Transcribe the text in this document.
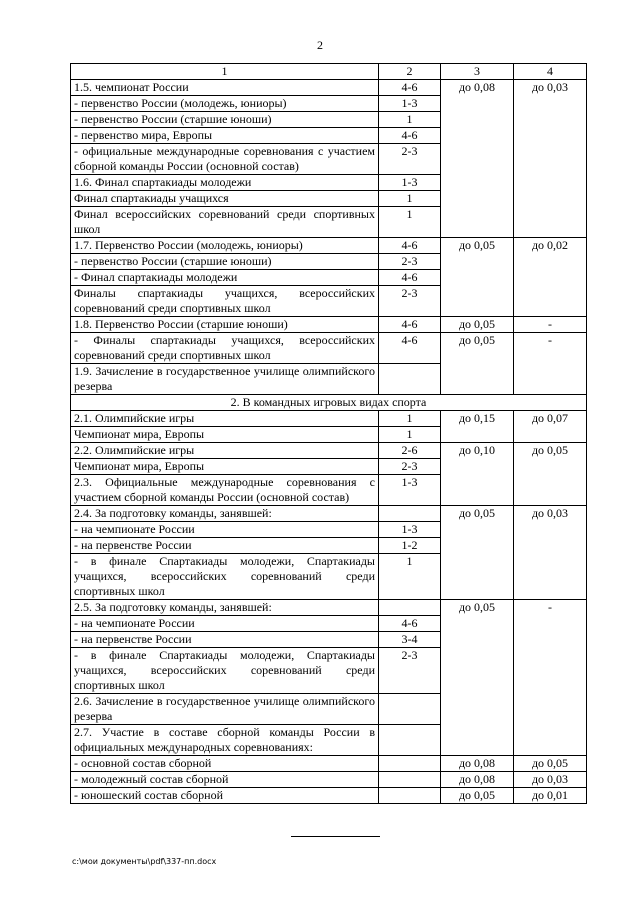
2
1	2	3	4
1.5. чемпионат России	4-6	до 0,08	до 0,03
- первенство России (молодежь, юниоры)	1-3		
- первенство России (старшие юноши)	1		
- первенство мира, Европы	4-6		
- официальные международные соревнования с участием сборной команды России (основной состав)	2-3		
1.6. Финал спартакиады молодежи	1-3		
Финал спартакиады учащихся	1		
Финал всероссийских соревнований среди спортивных школ	1		
1.7. Первенство России (молодежь, юниоры)	4-6	до 0,05	до 0,02
- первенство России (старшие юноши)	2-3		
- Финал спартакиады молодежи	4-6		
Финалы спартакиады учащихся, всероссийских соревнований среди спортивных школ	2-3		
1.8. Первенство России (старшие юноши)	4-6	до 0,05	-
- Финалы спартакиады учащихся, всероссийских соревнований среди спортивных школ	4-6	до 0,05	-
1.9. Зачисление в государственное училище олимпийского резерва			
2. В командных игровых видах спорта			
2.1. Олимпийские игры	1	до 0,15	до 0,07
Чемпионат мира, Европы	1		
2.2. Олимпийские игры	2-6	до 0,10	до 0,05
Чемпионат мира, Европы	2-3		
2.3. Официальные международные соревнования с участием сборной команды России (основной состав)	1-3		
2.4. За подготовку команды, занявшей:		до 0,05	до 0,03
- на чемпионате России	1-3		
- на первенстве России	1-2		
- в финале Спартакиады молодежи, Спартакиады учащихся, всероссийских соревнований среди спортивных школ	1		
2.5. За подготовку команды, занявшей:		до 0,05	-
- на чемпионате России	4-6		
- на первенстве России	3-4		
- в финале Спартакиады молодежи, Спартакиады учащихся, всероссийских соревнований среди спортивных школ	2-3		
2.6. Зачисление в государственное училище олимпийского резерва			
2.7. Участие в составе сборной команды России в официальных международных соревнованиях:			
- основной состав сборной		до 0,08	до 0,05
- молодежный состав сборной		до 0,08	до 0,03
- юношеский состав сборной		до 0,05	до 0,01
c:\мои документы\pdf\337-пп.docx
